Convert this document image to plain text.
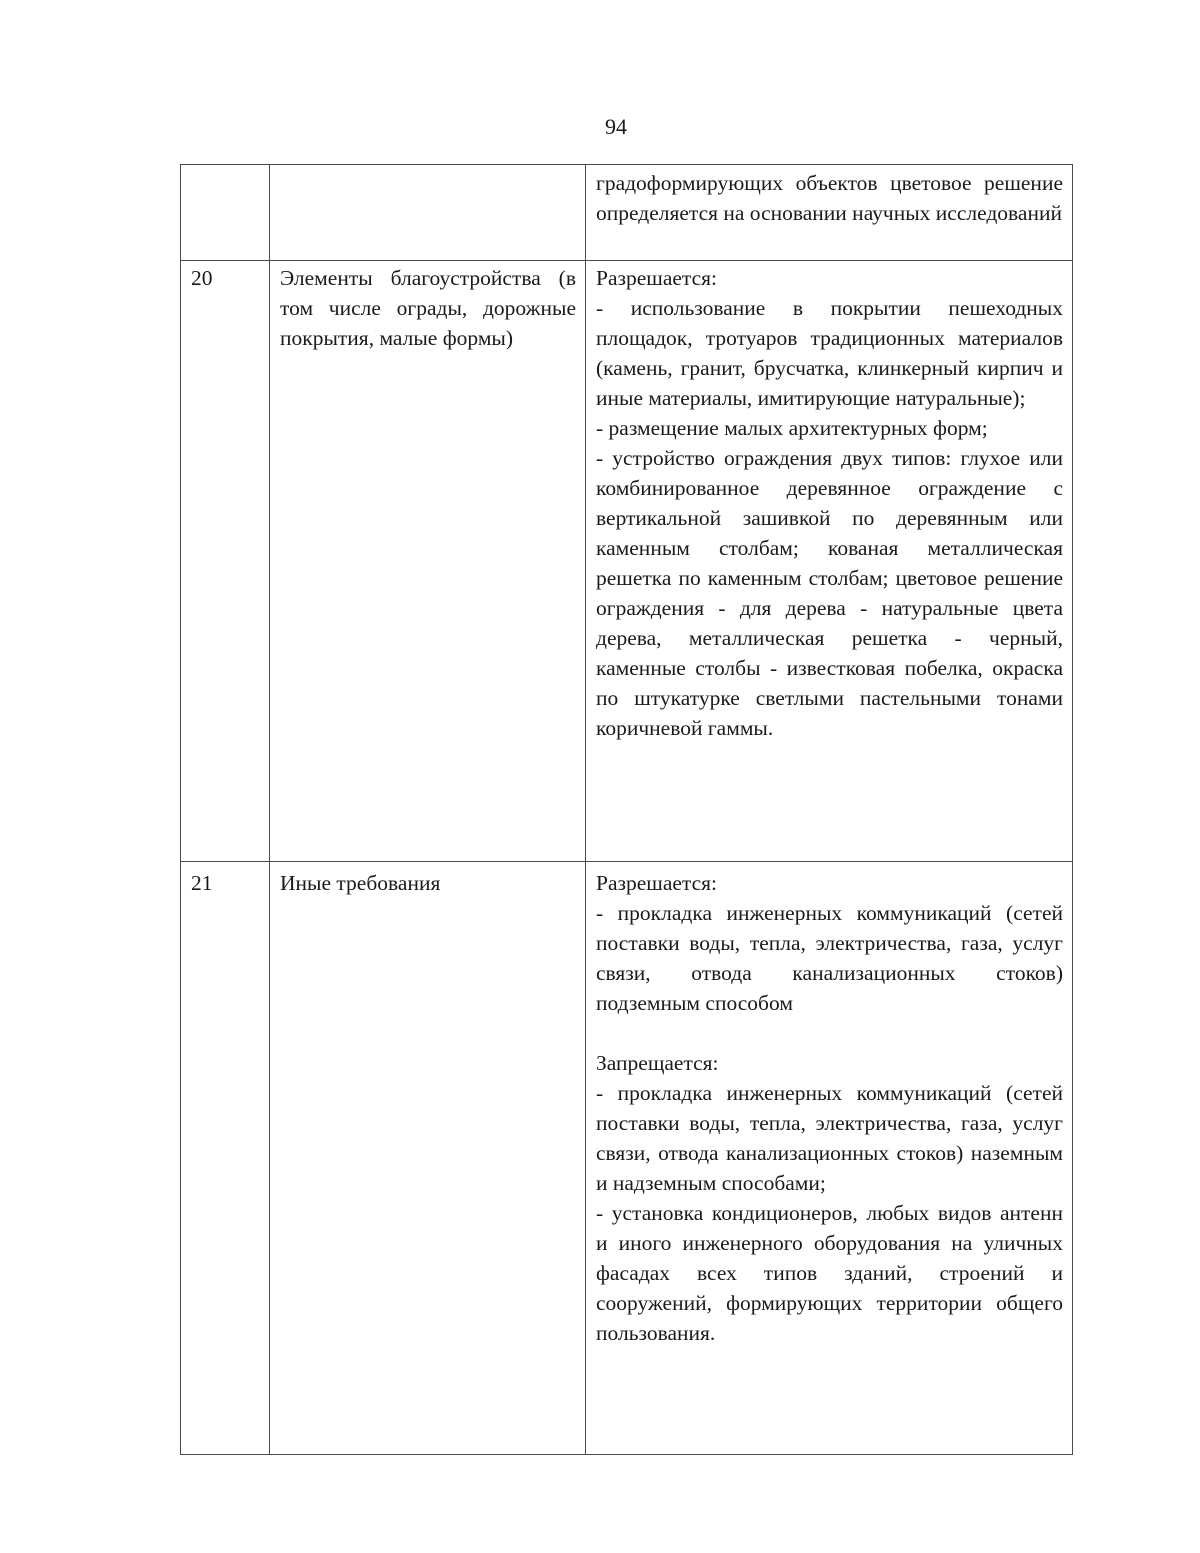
94

		градоформирующих объектов цветовое решение определяется на основании научных исследований

20	Элементы благоустройства (в том числе ограды, дорожные покрытия, малые формы)	Разрешается:
- использование в покрытии пешеходных площадок, тротуаров традиционных материалов (камень, гранит, брусчатка, клинкерный кирпич и иные материалы, имитирующие натуральные);
- размещение малых архитектурных форм;
- устройство ограждения двух типов: глухое или комбинированное деревянное ограждение с вертикальной зашивкой по деревянным или каменным столбам; кованая металлическая решетка по каменным столбам; цветовое решение ограждения - для дерева - натуральные цвета дерева, металлическая решетка - черный, каменные столбы - известковая побелка, окраска по штукатурке светлыми пастельными тонами коричневой гаммы.

21	Иные требования	Разрешается:
- прокладка инженерных коммуникаций (сетей поставки воды, тепла, электричества, газа, услуг связи, отвода канализационных стоков) подземным способом
Запрещается:
- прокладка инженерных коммуникаций (сетей поставки воды, тепла, электричества, газа, услуг связи, отвода канализационных стоков) наземным и надземным способами;
- установка кондиционеров, любых видов антенн и иного инженерного оборудования на уличных фасадах всех типов зданий, строений и сооружений, формирующих территории общего пользования.
